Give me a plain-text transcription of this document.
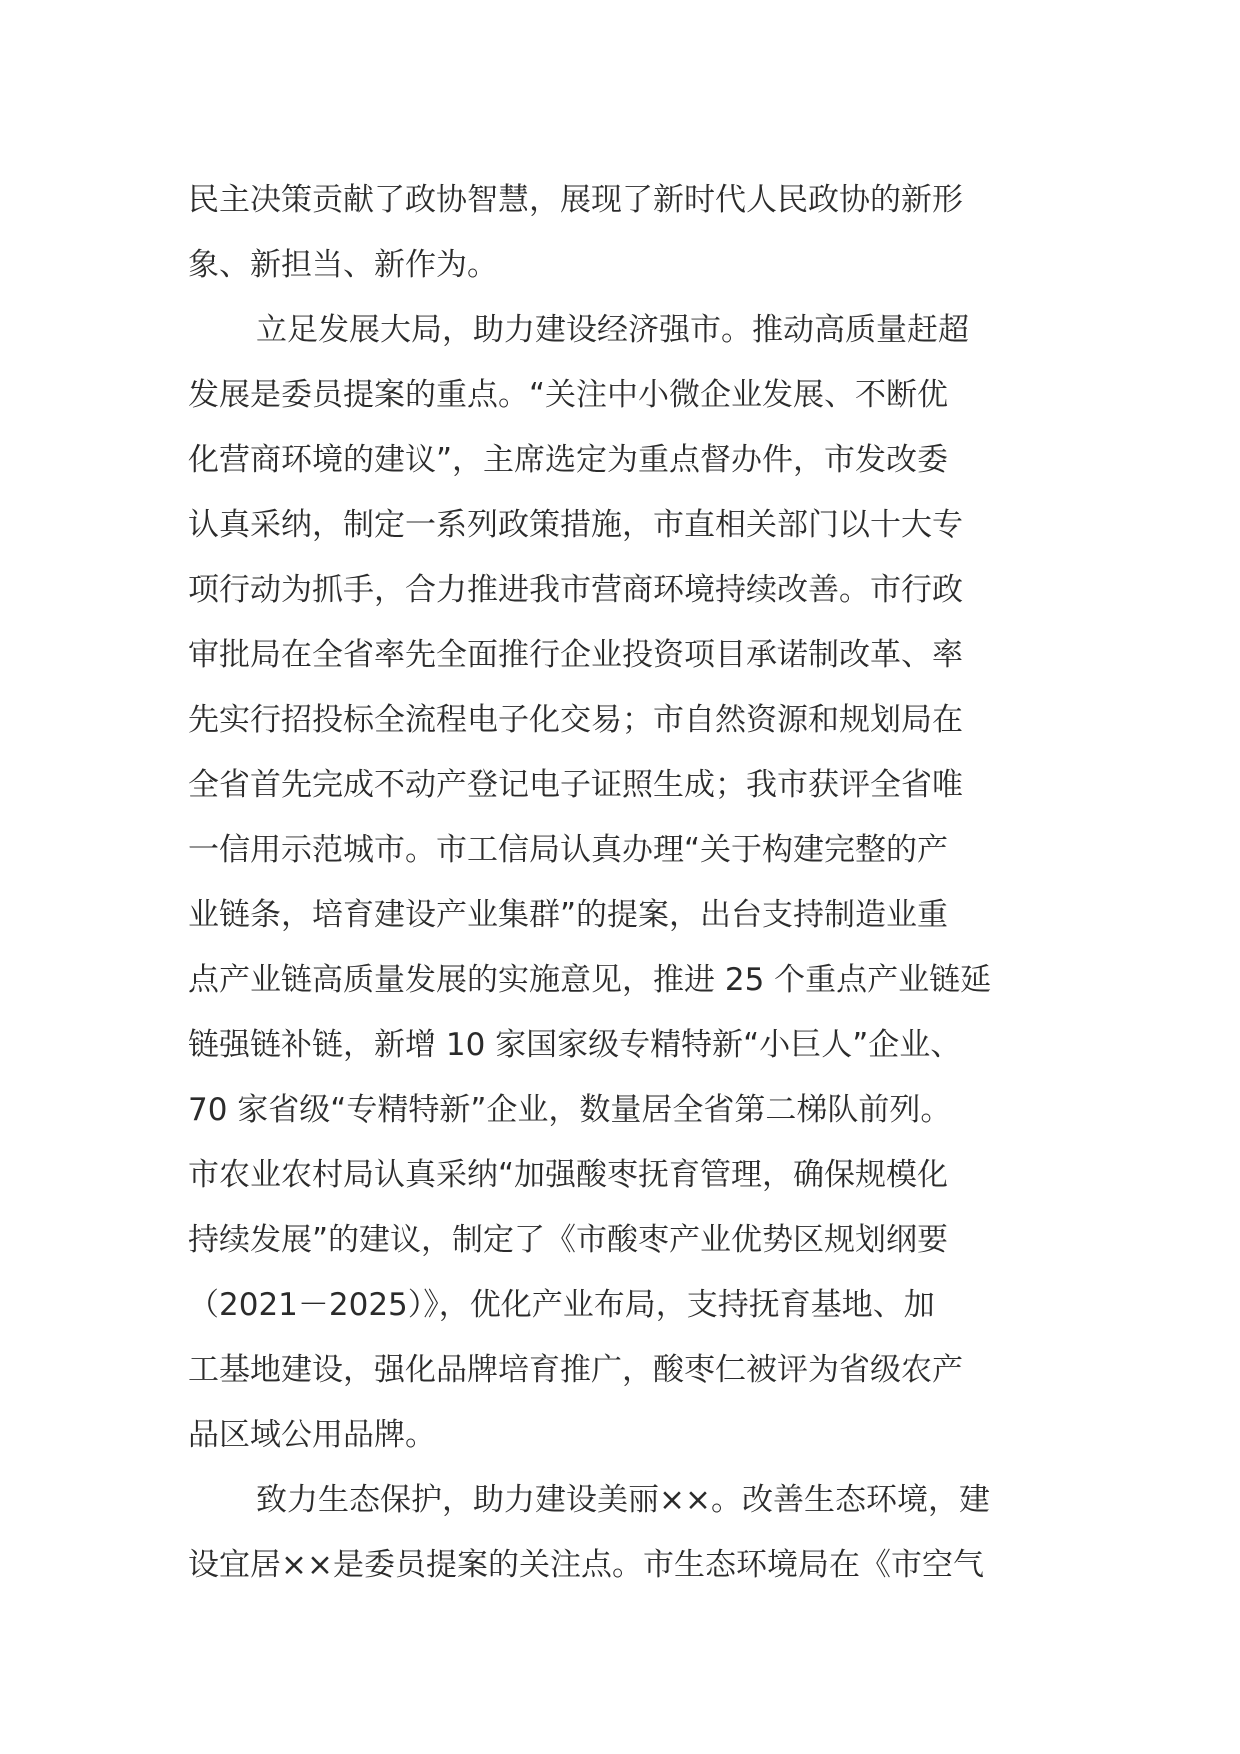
民主决策贡献了政协智慧，展现了新时代人民政协的新形
象、新担当、新作为。
立足发展大局，助力建设经济强市。推动高质量赶超
发展是委员提案的重点。“关注中小微企业发展、不断优
化营商环境的建议”，主席选定为重点督办件，市发改委
认真采纳，制定一系列政策措施，市直相关部门以十大专
项行动为抓手，合力推进我市营商环境持续改善。市行政
审批局在全省率先全面推行企业投资项目承诺制改革、率
先实行招投标全流程电子化交易；市自然资源和规划局在
全省首先完成不动产登记电子证照生成；我市获评全省唯
一信用示范城市。市工信局认真办理“关于构建完整的产
业链条，培育建设产业集群”的提案，出台支持制造业重
点产业链高质量发展的实施意见，推进 25 个重点产业链延
链强链补链，新增 10 家国家级专精特新“小巨人”企业、
70 家省级“专精特新”企业，数量居全省第二梯队前列。
市农业农村局认真采纳“加强酸枣抚育管理，确保规模化
持续发展”的建议，制定了《市酸枣产业优势区规划纲要
（2021－2025）》，优化产业布局，支持抚育基地、加
工基地建设，强化品牌培育推广，酸枣仁被评为省级农产
品区域公用品牌。
致力生态保护，助力建设美丽××。改善生态环境，建
设宜居××是委员提案的关注点。市生态环境局在《市空气
